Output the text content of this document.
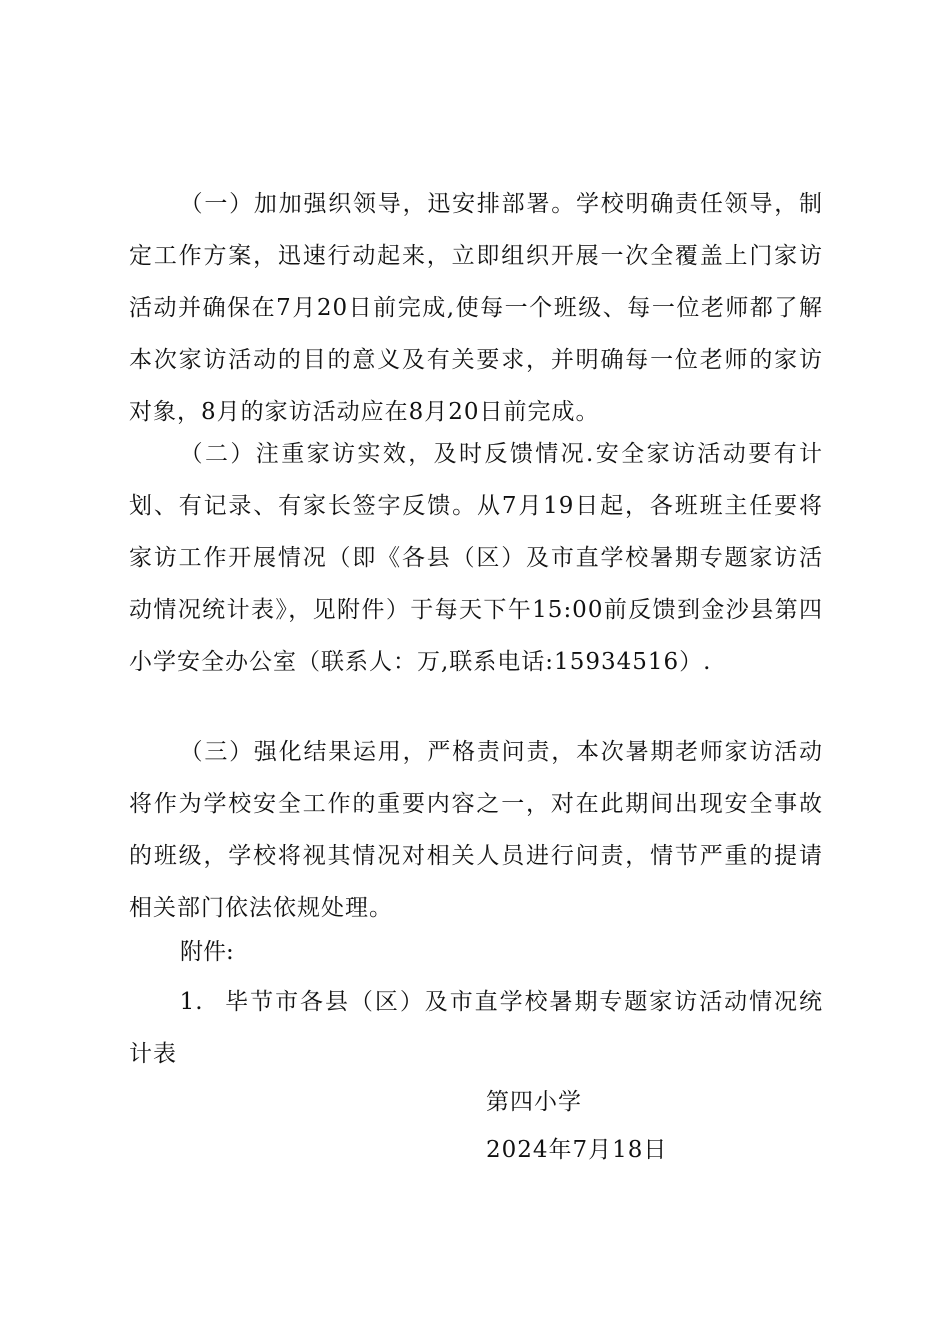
（一）加加强织领导，迅安排部署。学校明确责任领导，制定工作方案，迅速行动起来，立即组织开展一次全覆盖上门家访活动并确保在7月20日前完成,使每一个班级、每一位老师都了解本次家访活动的目的意义及有关要求，并明确每一位老师的家访对象，8月的家访活动应在8月20日前完成。

（二）注重家访实效，及时反馈情况.安全家访活动要有计划、有记录、有家长签字反馈。从7月19日起，各班班主任要将家访工作开展情况（即《各县（区）及市直学校暑期专题家访活动情况统计表》，见附件）于每天下午15:00前反馈到金沙县第四小学安全办公室（联系人：万,联系电话:15934516）.

（三）强化结果运用，严格责问责，本次暑期老师家访活动将作为学校安全工作的重要内容之一，对在此期间出现安全事故的班级，学校将视其情况对相关人员进行问责，情节严重的提请相关部门依法依规处理。

附件:

1. 毕节市各县（区）及市直学校暑期专题家访活动情况统计表

第四小学

2024年7月18日
